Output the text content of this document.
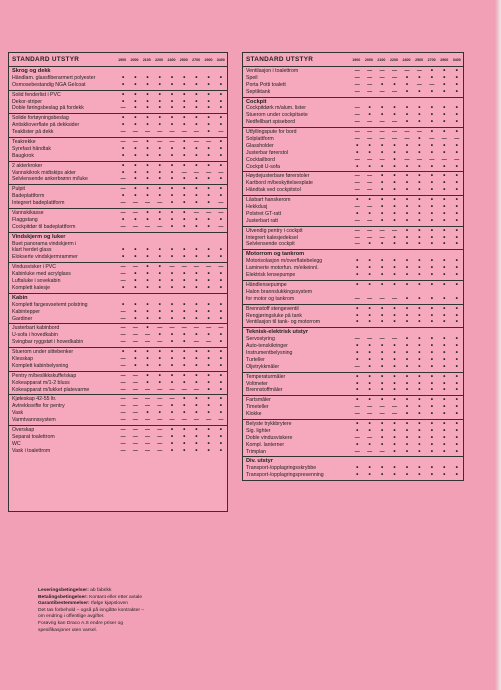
STANDARD UTSTYR	1900	2000	2100	2200	2400	2500	2700	2900	3400
Skrog og dekk
Håndlam. glassfiberarmert polyester	•	•	•	•	•	•	•	•	•
Osmosebestandig NGA Gelcoat	•	•	•	•	•	•	•	•	•
Solid fenderlist i PVC	•	•	•	•	•	•	•	•	•
Dekor-striper	•	•	•	•	•	•	•	•	•
Doble føringsbeslag på fordekk	—	•	•	•	•	•	•	•	•
Solide fortøyningsbeslag	•	•	•	•	•	•	•	•	•
Antisklioverflate på dekksider	•	•	•	•	•	•	•	•	•
Teaklister på dekk	—	—	—	—	—	—	—	•	—
Teakrekke	—	—	•	—	—	•	—	—	•
Syrefast håndtak	•	•	•	•	•	•	•	•	•
Baugkrok	•	•	•	•	•	•	•	•	•
2 akterkroker	•	•	•	•	•	•	•	•	•
Vannskikrok midtskips akter	•	•	•	•	•	—	—	—	—
Selvlensende ankerbrønn m/luke	—	•	•	•	•	•	•	•	•
Pulpit	—	•	•	•	•	•	•	•	•
Badeplattform	•	•	•	•	•	•	•	•	•
Integrert badeplattform	—	—	—	—	•	•	•	•	—
Vannskikasse	—	—	•	•	•	•	—	—	—
Flaggstang	•	•	•	•	•	•	•	•	•
Cockpitdør til badeplattform	—	—	—	—	•	•	•	•	—
Vindskjerm og luker
Buet panorama vindskjerm i
klart herdet glass	•	•	•	•	•	•	•	•	•
Elokserte vindskjermrammer	•	•	•	•	•	•	•	•	•
Vindusvisker i PVC	—	—	•	•	—	—	—	—	—
Kabinluke med acrylglass	—	•	•	•	•	•	•	•	•
Luftaluke i sovekabin	—	•	•	•	•	•	•	•	•
Komplett kalesje	•	•	•	•	•	•	•	•	•
Kabin
Komplett fargesvsetemt polstring	•	•	•	•	•	•	•	•	•
Kabintepper	—	•	•	•	•	•	•	•	•
Gardiner	—	•	•	•	•	•	•	•	•
Justerbart kabinbord	—	—	•	—	—	—	—	—	—
U-sofa i hovedkabin	—	—	—	•	•	•	•	•	•
Svingbar ryggstøt i hovedkabin	—	—	—	—	•	•	—	—	•
Stuerom under sittebenker	•	•	•	•	•	•	•	•	•
Klesskap	—	•	•	•	•	•	•	•	•
Komplett kabinbelysning	—	•	•	•	•	•	•	•	•
Pentry m/beslikkskuffe/skap	—	—	•	•	•	•	•	•	•
Kokeapparat m/1-2 bluss	—	—	•	•	•	•	•	•	•
Kokeapparat m/lukket platevarme	—	—	—	—	—	—	—	•	•
Kjøleskap 42-55 ltr.	—	—	—	—	—	•	•	•	•
Avtrekksvifte for pentry	—	—	—	—	•	•	•	•	•
Vask	—	—	•	•	•	•	•	•	•
Varmtvannssystem	—	—	—	—	—	—	—	—	—
Overskap	—	—	—	—	•	•	•	•	•
Separat toalettrom	—	—	—	—	•	•	•	•	•
WC	—	—	—	—	•	•	•	•	•
Vask i toalettrom	—	—	—	—	•	•	•	•	•
STANDARD UTSTYR	1900	2000	2100	2200	2400	2500	2700	2900	3400
Ventilasjon i toalettrom	—	—	—	—	—	—	•	•	•
Speil	—	—	—	—	•	•	•	•	•
Porta Potti toalett	—	—	•	•	•	—	—	•	•
Septiktank	—	—	—	—	•	•	•	•	•
Cockpit
Cockpitdørk m/alum. lister	—	•	•	•	•	•	•	•	•
Stuerom under cockpitsete	—	•	•	•	•	•	•	•	•
Nedfellbart spisebord	—	—	—	—	•	•	•	•	•
Utfyllingspute for bord	—	—	—	—	—	—	•	•	•
Solplattform	—	—	—	—	—	•	—	—	—
Glassholder	•	•	•	•	•	•	•	•	•
Justerbar førerstol	•	•	•	•	•	•	•	•	•
Cocktailbord	—	—	—	•	—	—	—	—	—
Cockpit U-sofa	•	•	•	•	•	•	•	•	•
Høydejusterbare førerstoler	—	—	•	•	•	•	•	•	•
Kartbord m/beskyttelsesplate	—	—	•	•	•	•	•	•	•
Håndtak ved cockpitstol	—	—	•	•	•	•	•	•	•
Låsbart hanskerom	•	•	•	•	•	•	•	•	•
Hekkdusj	—	—	•	•	•	•	•	•	•
Polstret GT-ratt	•	•	•	•	•	•	•	•	•
Justerbart ratt	—	—	•	•	•	•	•	•	•
Utvendig pentry i cockpit	—	—	—	—	•	•	•	•	•
Integrert kalesjedeksel	—	—	—	•	•	•	•	•	•
Selvlensende cockpit	—	•	•	•	•	•	•	•	•
Motorrom og tankrom
Motorisolasjon m/overflatebelegg	•	•	•	•	•	•	•	•	•
Laminerte motorfun. m/eikeinnl.	•	•	•	•	•	•	•	•	•
Elektrisk lensepumpe	•	•	•	•	•	•	•	•	•
Håndlensepumpe	•	•	•	•	•	•	•	•	•
Halon brannslukkingssystem
for motor og tankrom	—	—	—	—	•	•	•	•	•
Brennstoff stengeventil	•	•	•	•	•	•	•	•	•
Rengjøringsluke på tank	•	•	•	•	•	•	•	•	•
Ventilasjon til tank- og motorrom	•	•	•	•	•	•	•	•	•
Teknisk-elektrisk utstyr
Servostyring	—	—	—	—	•	•	•	•	•
Auto-tenskikringer	•	•	•	•	•	•	•	•	•
Instrumentbelysning	•	•	•	•	•	•	•	•	•
Turteller	•	•	•	•	•	•	•	•	•
Oljetrykkmåler	—	•	•	•	•	•	•	•	•
Temperaturmåler	•	•	•	•	•	•	•	•	•
Voltmeter	•	•	•	•	•	•	•	•	•
Brennstoffmåler	•	•	•	•	•	•	•	•	•
Fartsmåler	•	•	•	•	•	•	•	•	•
Timeteller	—	—	—	—	•	•	•	•	•
Klokke	—	—	—	—	•	•	•	•	•
Belyste trykkbrytere	•	•	•	•	•	•	•	•	•
Sig. lighter	•	•	•	•	•	•	•	•	•
Doble vindusviskere	—	—	•	•	•	•	•	•	•
Kompl. lanterner	•	•	•	•	•	•	•	•	•
Trimplan	—	—	—	•	•	•	•	•	•
Div. utstyr
Transport-/opplagringsskrybbe	•	•	•	•	•	•	•	•	•
Transport-/opplagringspresenning	•	•	•	•	•	•	•	•	•
Leveringsbetingelser: ab fabrikk
Betalingsbetingelser: Kontant eller etter avtale
Garantibestemmelser: Ifølge kjøpsloven
Det tas forbehold – også på inngåtte kontrakter –
om endring i offentlige avgifter.
Forøvrig kan Draco A.S endre priser og
spesifikasjoner uten varsel.
